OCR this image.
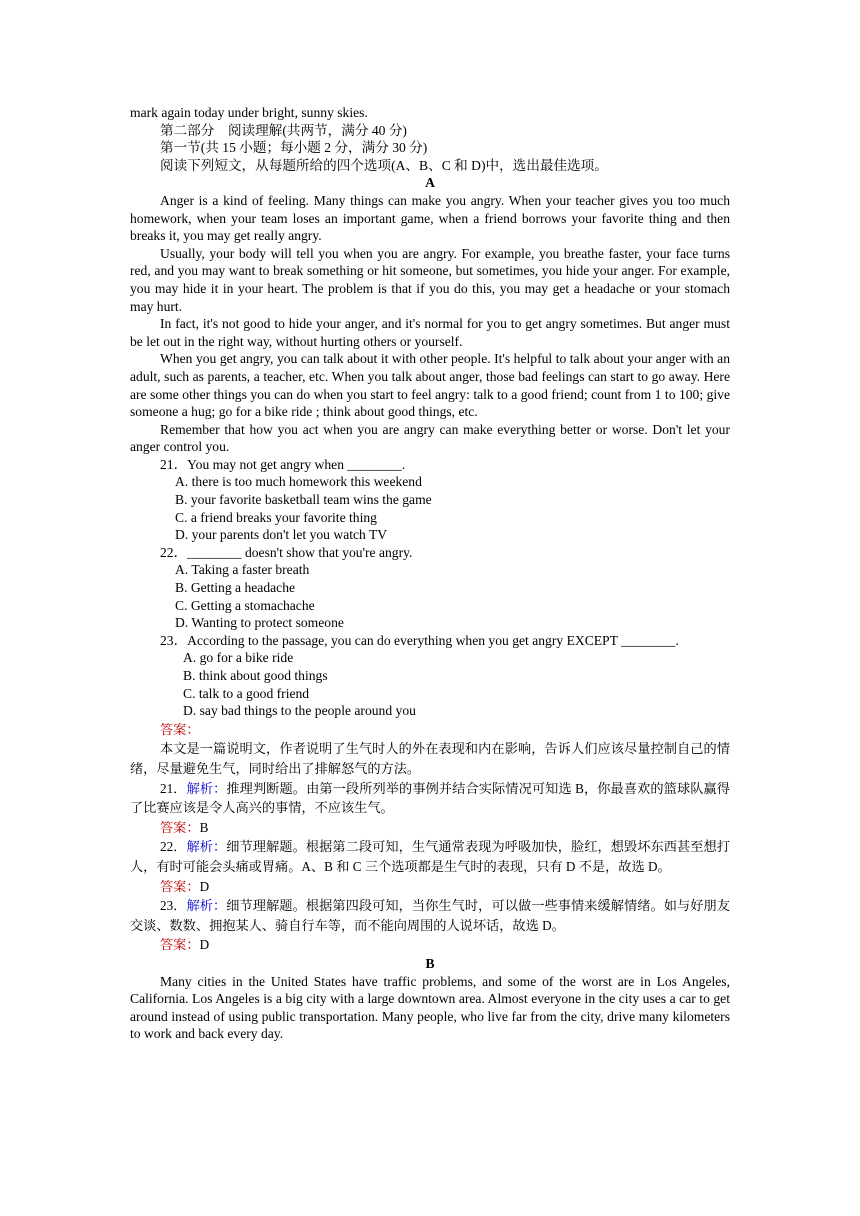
mark again today under bright, sunny skies.

第二部分　阅读理解(共两节，满分 40 分)

第一节(共 15 小题；每小题 2 分，满分 30 分)

阅读下列短文，从每题所给的四个选项(A、B、C 和 D)中，选出最佳选项。

A

Anger is a kind of feeling. Many things can make you angry. When your teacher gives you too much homework, when your team loses an important game, when a friend borrows your favorite thing and then breaks it, you may get really angry.

Usually, your body will tell you when you are angry. For example, you breathe faster, your face turns red, and you may want to break something or hit someone, but sometimes, you hide your anger. For example, you may hide it in your heart. The problem is that if you do this, you may get a headache or your stomach may hurt.

In fact, it's not good to hide your anger, and it's normal for you to get angry sometimes. But anger must be let out in the right way, without hurting others or yourself.

When you get angry, you can talk about it with other people. It's helpful to talk about your anger with an adult, such as parents, a teacher, etc. When you talk about anger, those bad feelings can start to go away. Here are some other things you can do when you start to feel angry: talk to a good friend; count from 1 to 100; give someone a hug; go for a bike ride ; think about good things, etc.

Remember that how you act when you are angry can make everything better or worse. Don't let your anger control you.

21．You may not get angry when ________.

A. there is too much homework this weekend

B. your favorite basketball team wins the game

C. a friend breaks your favorite thing

D. your parents don't let you watch TV

22．________ doesn't show that you're angry.

A. Taking a faster breath

B. Getting a headache

C. Getting a stomachache

D. Wanting to protect someone

23．According to the passage, you can do everything when you get angry EXCEPT ________.

A. go for a bike ride

B. think about good things

C. talk to a good friend

D. say bad things to the people around you

答案：

本文是一篇说明文，作者说明了生气时人的外在表现和内在影响，告诉人们应该尽量控制自己的情绪，尽量避免生气，同时给出了排解怒气的方法。

21．解析：推理判断题。由第一段所列举的事例并结合实际情况可知选 B，你最喜欢的篮球队赢得了比赛应该是令人高兴的事情，不应该生气。

答案：B

22．解析：细节理解题。根据第二段可知，生气通常表现为呼吸加快，脸红，想毁坏东西甚至想打人，有时可能会头痛或胃痛。A、B 和 C 三个选项都是生气时的表现，只有 D 不是，故选 D。

答案：D

23．解析：细节理解题。根据第四段可知，当你生气时，可以做一些事情来缓解情绪。如与好朋友交谈、数数、拥抱某人、骑自行车等，而不能向周围的人说坏话，故选 D。

答案：D

B

Many cities in the United States have traffic problems, and some of the worst are in Los Angeles, California. Los Angeles is a big city with a large downtown area. Almost everyone in the city uses a car to get around instead of using public transportation. Many people, who live far from the city, drive many kilometers to work and back every day.
